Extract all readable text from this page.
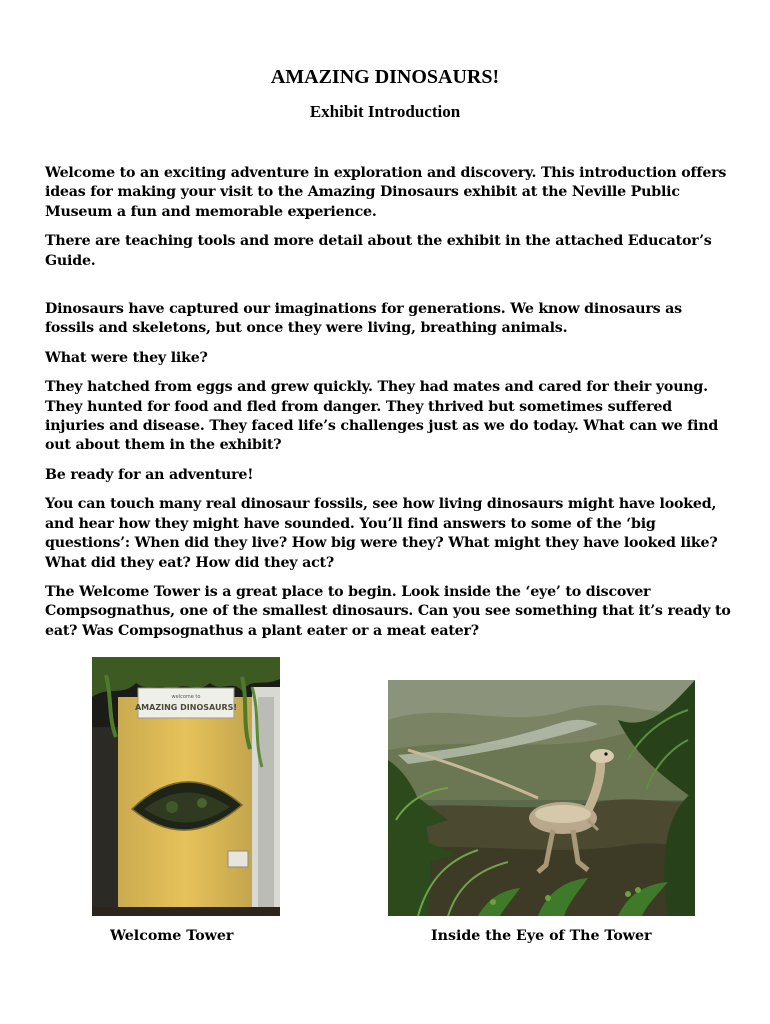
AMAZING DINOSAURS!
Exhibit Introduction

Welcome to an exciting adventure in exploration and discovery. This introduction offers ideas for making your visit to the Amazing Dinosaurs exhibit at the Neville Public Museum a fun and memorable experience.

There are teaching tools and more detail about the exhibit in the attached Educator’s Guide.

Dinosaurs have captured our imaginations for generations. We know dinosaurs as fossils and skeletons, but once they were living, breathing animals.

What were they like?

They hatched from eggs and grew quickly. They had mates and cared for their young. They hunted for food and fled from danger. They thrived but sometimes suffered injuries and disease. They faced life’s challenges just as we do today. What can we find out about them in the exhibit?

Be ready for an adventure!

You can touch many real dinosaur fossils, see how living dinosaurs might have looked, and hear how they might have sounded. You’ll find answers to some of the ‘big questions’: When did they live? How big were they? What might they have looked like? What did they eat? How did they act?

The Welcome Tower is a great place to begin. Look inside the ‘eye’ to discover Compsognathus, one of the smallest dinosaurs. Can you see something that it’s ready to eat? Was Compsognathus a plant eater or a meat eater?

welcome to
AMAZING DINOSAURS!
Welcome Tower	Inside the Eye of The Tower
